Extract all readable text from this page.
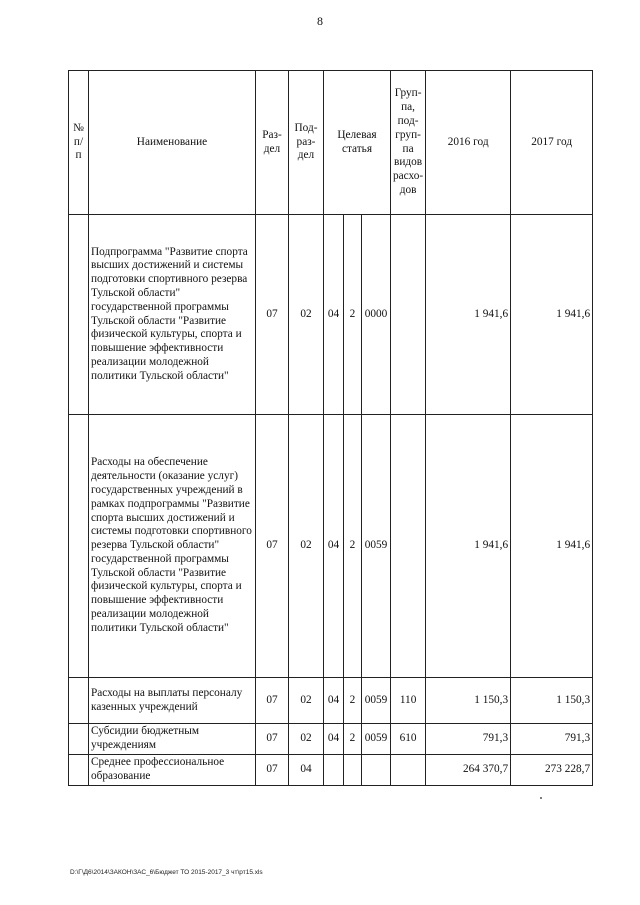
8
№ п/п	Наименование	Раз-дел	Под-раз-дел	Целевая статья			Груп-па, под-груп-па видов расхо-дов	2016 год	2017 год
	Подпрограмма "Развитие спорта высших достижений и системы подготовки спортивного резерва Тульской области" государственной программы Тульской области "Развитие физической культуры, спорта и повышение эффективности реализации молодежной политики Тульской области"	07	02	04	2	0000		1 941,6	1 941,6
	Расходы на обеспечение деятельности (оказание услуг) государственных учреждений в рамках подпрограммы "Развитие спорта высших достижений и системы подготовки спортивного резерва Тульской области" государственной программы Тульской области "Развитие физической культуры, спорта и повышение эффективности реализации молодежной политики Тульской области"	07	02	04	2	0059		1 941,6	1 941,6
	Расходы на выплаты персоналу казенных учреждений	07	02	04	2	0059	110	1 150,3	1 150,3
	Субсидии бюджетным учреждениям	07	02	04	2	0059	610	791,3	791,3
	Среднее профессиональное образование	07	04					264 370,7	273 228,7
D:\Г\Д6\2014\ЗАКОН\ЗАС_6\Бюджет ТО 2015-2017_3 чт\рт15.xls
